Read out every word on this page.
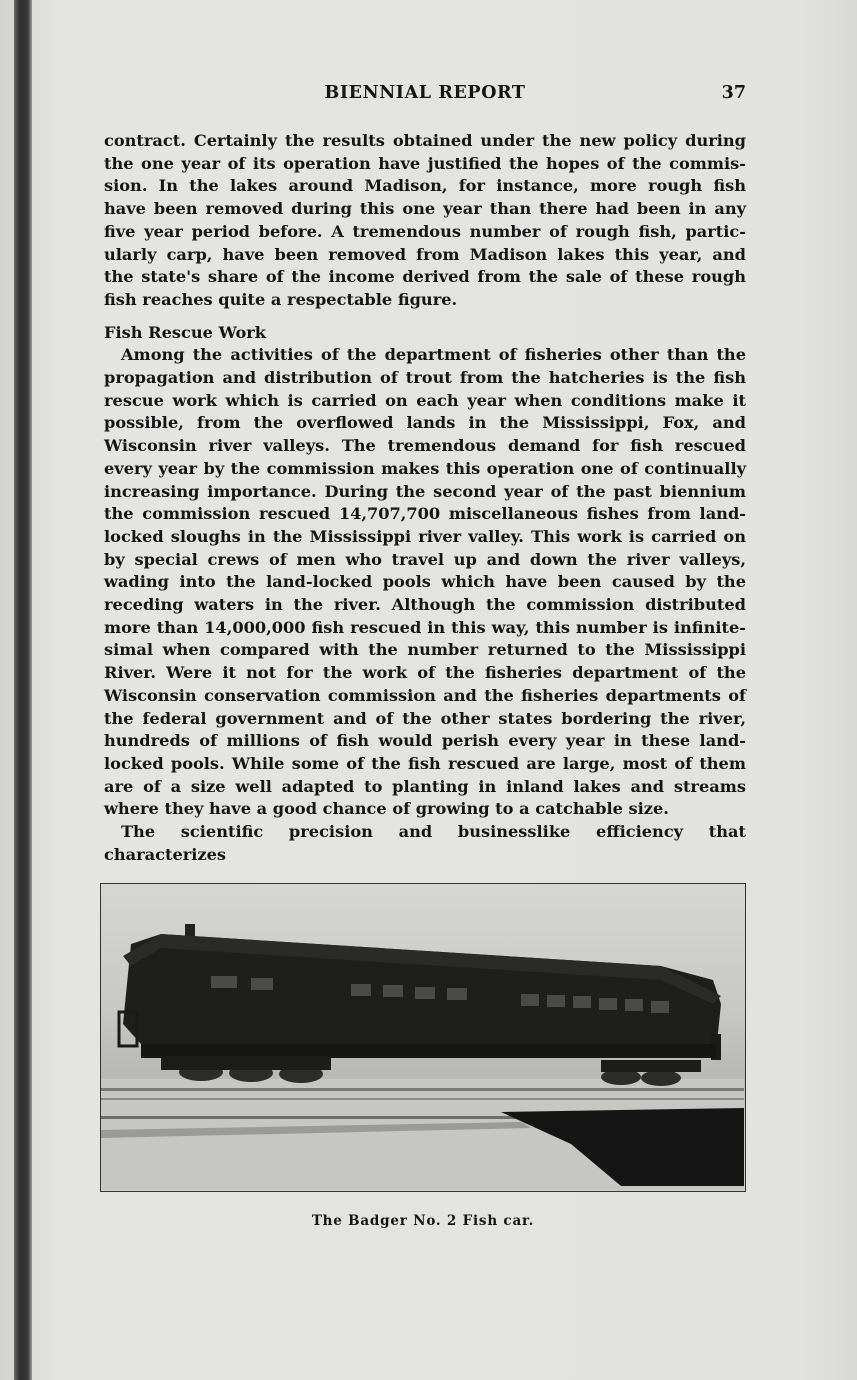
BIENNIAL REPORT	37

contract. Certainly the results obtained under the new policy during

the one year of its operation have justified the hopes of the commis-

sion. In the lakes around Madison, for instance, more rough fish

have been removed during this one year than there had been in any

five year period before. A tremendous number of rough fish, partic-

ularly carp, have been removed from Madison lakes this year, and

the state's share of the income derived from the sale of these rough

fish reaches quite a respectable figure.

Fish Rescue Work

Among the activities of the department of fisheries other than the

propagation and distribution of trout from the hatcheries is the fish

rescue work which is carried on each year when conditions make it

possible, from the overflowed lands in the Mississippi, Fox, and

Wisconsin river valleys. The tremendous demand for fish rescued

every year by the commission makes this operation one of continually

increasing importance. During the second year of the past biennium

the commission rescued 14,707,700 miscellaneous fishes from land-

locked sloughs in the Mississippi river valley. This work is carried on

by special crews of men who travel up and down the river valleys,

wading into the land-locked pools which have been caused by the

receding waters in the river. Although the commission distributed

more than 14,000,000 fish rescued in this way, this number is infinite-

simal when compared with the number returned to the Mississippi

River. Were it not for the work of the fisheries department of the

Wisconsin conservation commission and the fisheries departments of

the federal government and of the other states bordering the river,

hundreds of millions of fish would perish every year in these land-

locked pools. While some of the fish rescued are large, most of them

are of a size well adapted to planting in inland lakes and streams

where they have a good chance of growing to a catchable size.

The scientific precision and businesslike efficiency that characterizes

The Badger No. 2 Fish car.
